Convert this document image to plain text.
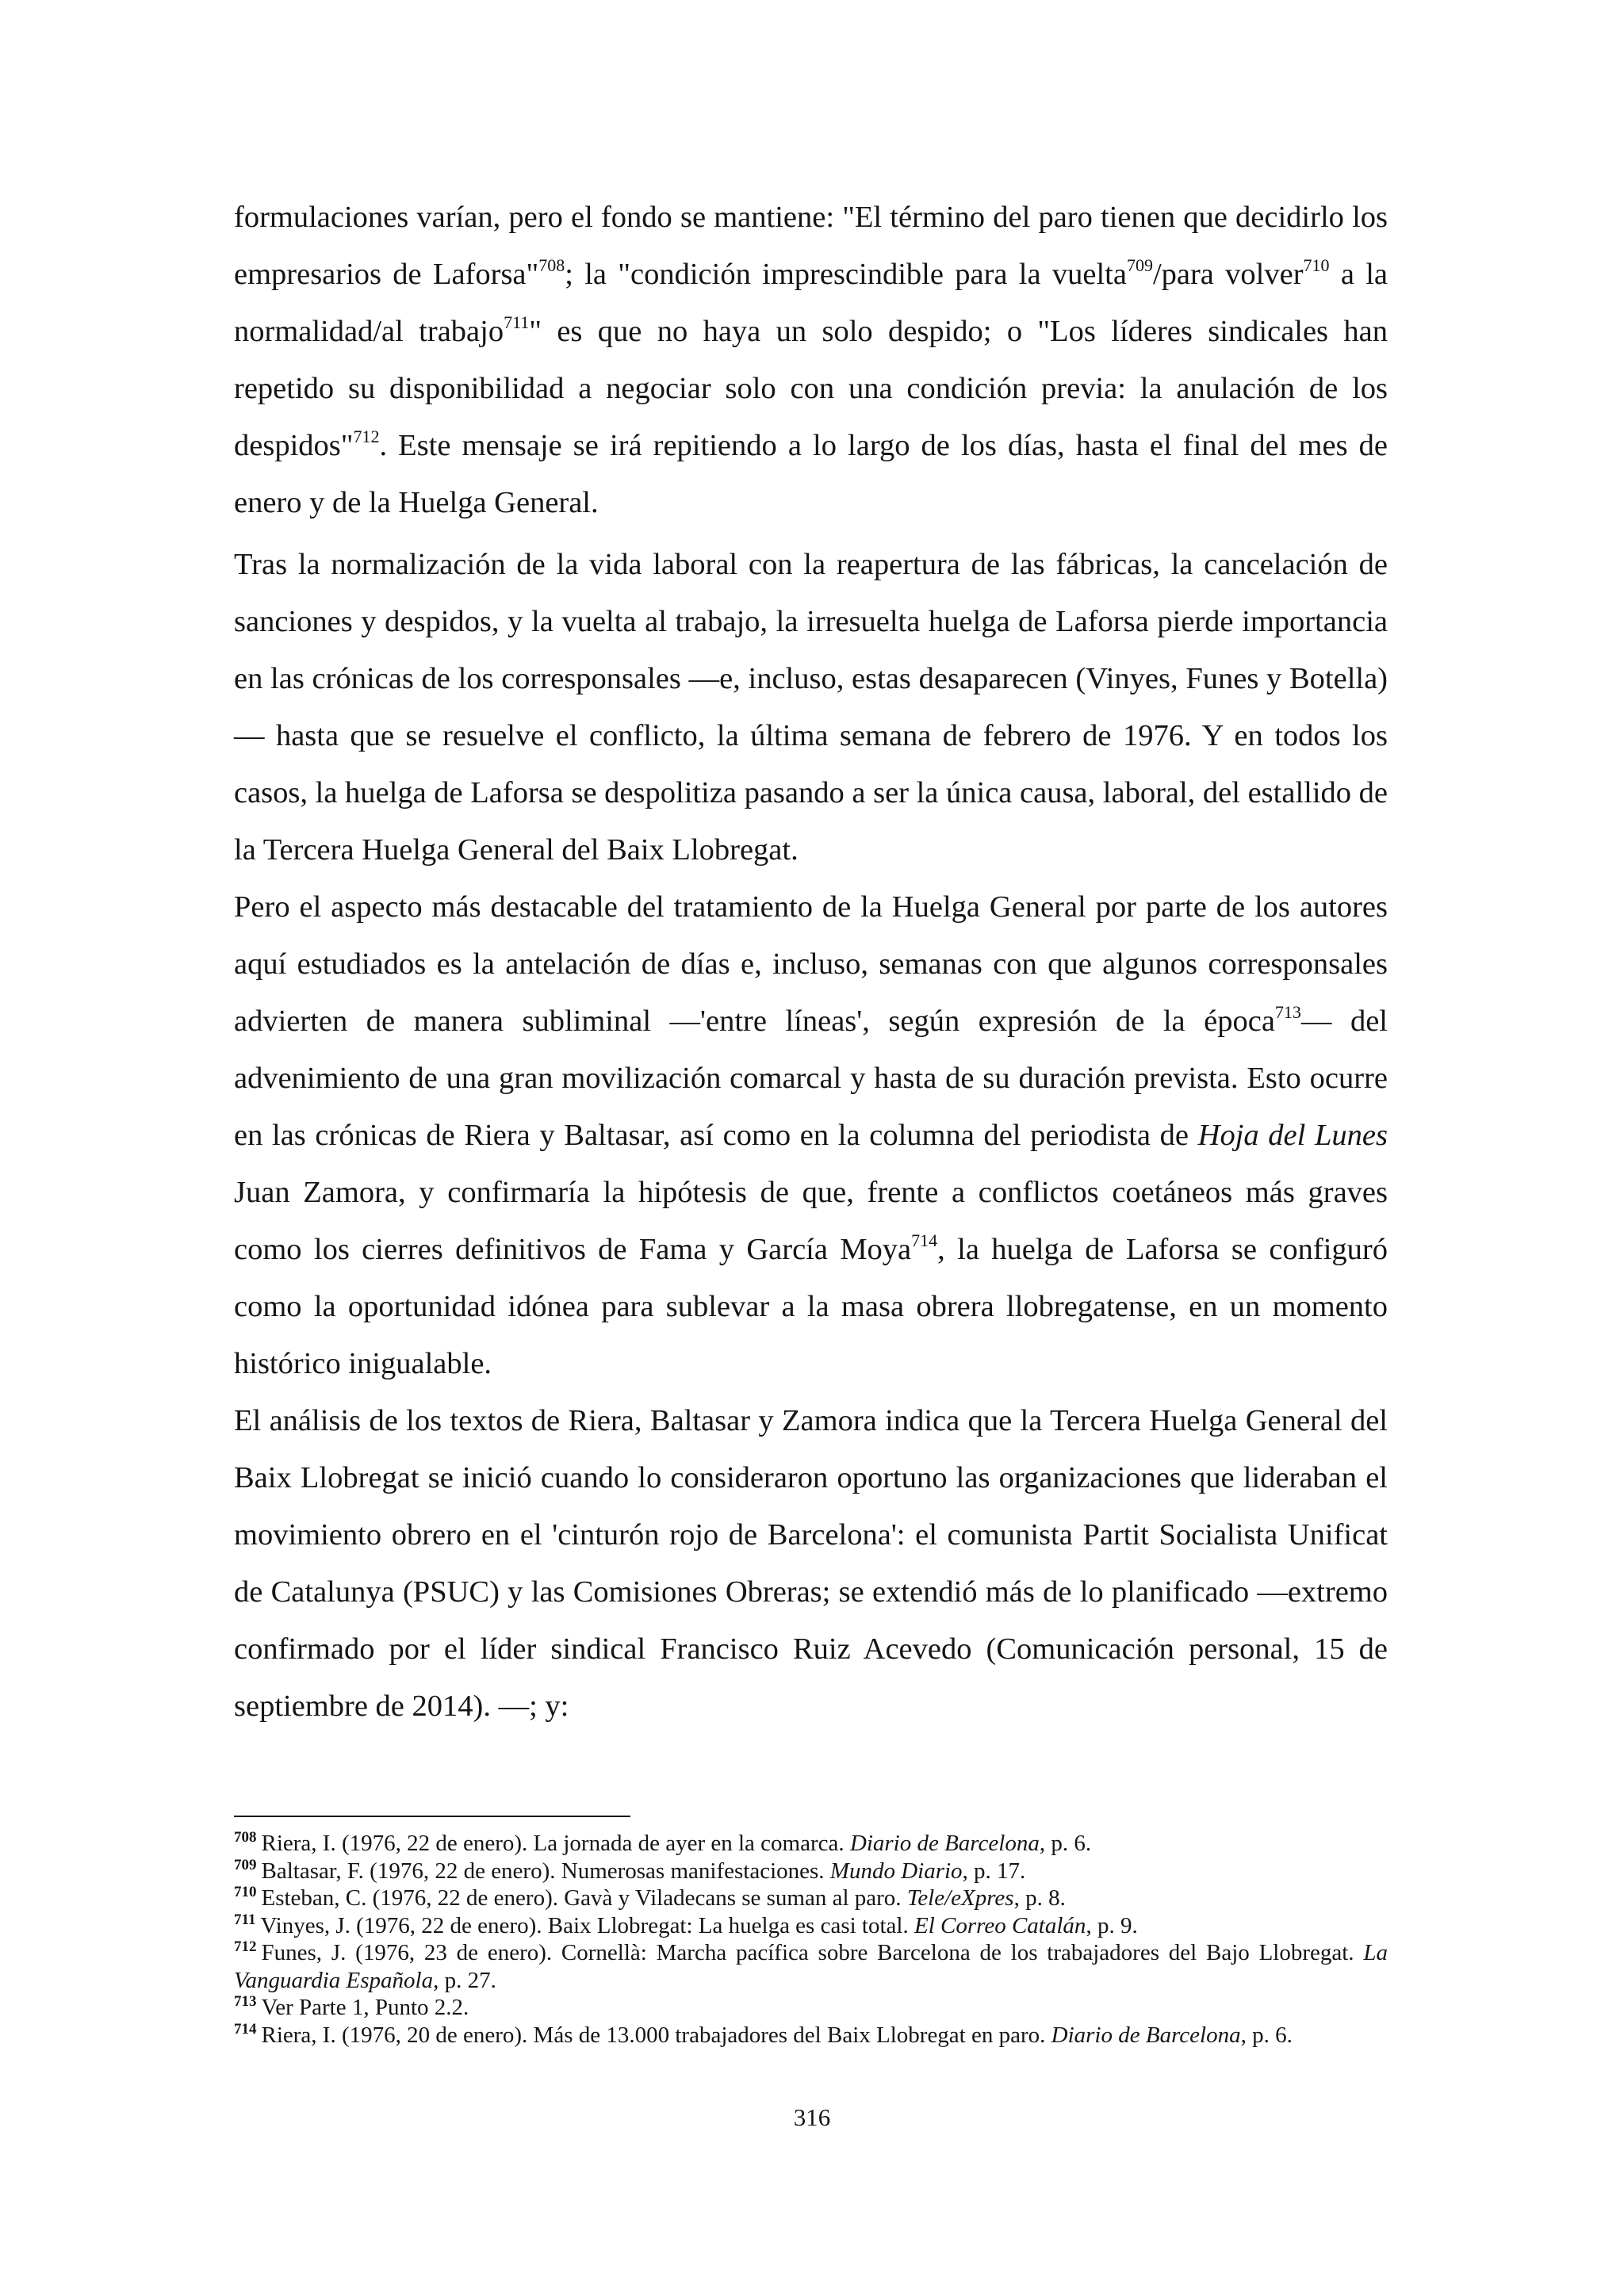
formulaciones varían, pero el fondo se mantiene: "El término del paro tienen que decidirlo los empresarios de Laforsa"$^{708}$; la "condición imprescindible para la vuelta$^{709}$/para volver$^{710}$ a la normalidad/al trabajo$^{711}$" es que no haya un solo despido; o "Los líderes sindicales han repetido su disponibilidad a negociar solo con una condición previa: la anulación de los despidos"$^{712}$. Este mensaje se irá repitiendo a lo largo de los días, hasta el final del mes de enero y de la Huelga General.

Tras la normalización de la vida laboral con la reapertura de las fábricas, la cancelación de sanciones y despidos, y la vuelta al trabajo, la irresuelta huelga de Laforsa pierde importancia en las crónicas de los corresponsales —e, incluso, estas desaparecen (Vinyes, Funes y Botella)— hasta que se resuelve el conflicto, la última semana de febrero de 1976. Y en todos los casos, la huelga de Laforsa se despolitiza pasando a ser la única causa, laboral, del estallido de la Tercera Huelga General del Baix Llobregat.

Pero el aspecto más destacable del tratamiento de la Huelga General por parte de los autores aquí estudiados es la antelación de días e, incluso, semanas con que algunos corresponsales advierten de manera subliminal —'entre líneas', según expresión de la época$^{713}$— del advenimiento de una gran movilización comarcal y hasta de su duración prevista. Esto ocurre en las crónicas de Riera y Baltasar, así como en la columna del periodista de Hoja del Lunes Juan Zamora, y confirmaría la hipótesis de que, frente a conflictos coetáneos más graves como los cierres definitivos de Fama y García Moya$^{714}$, la huelga de Laforsa se configuró como la oportunidad idónea para sublevar a la masa obrera llobregatense, en un momento histórico inigualable.

El análisis de los textos de Riera, Baltasar y Zamora indica que la Tercera Huelga General del Baix Llobregat se inició cuando lo consideraron oportuno las organizaciones que lideraban el movimiento obrero en el 'cinturón rojo de Barcelona': el comunista Partit Socialista Unificat de Catalunya (PSUC) y las Comisiones Obreras; se extendió más de lo planificado —extremo confirmado por el líder sindical Francisco Ruiz Acevedo (Comunicación personal, 15 de septiembre de 2014). —; y:

$^{708}$ Riera, I. (1976, 22 de enero). La jornada de ayer en la comarca. Diario de Barcelona, p. 6.

$^{709}$ Baltasar, F. (1976, 22 de enero). Numerosas manifestaciones. Mundo Diario, p. 17.

$^{710}$ Esteban, C. (1976, 22 de enero). Gavà y Viladecans se suman al paro. Tele/eXpres, p. 8.

$^{711}$ Vinyes, J. (1976, 22 de enero). Baix Llobregat: La huelga es casi total. El Correo Catalán, p. 9.

$^{712}$ Funes, J. (1976, 23 de enero). Cornellà: Marcha pacífica sobre Barcelona de los trabajadores del Bajo Llobregat. La Vanguardia Española, p. 27.

$^{713}$ Ver Parte 1, Punto 2.2.

$^{714}$ Riera, I. (1976, 20 de enero). Más de 13.000 trabajadores del Baix Llobregat en paro. Diario de Barcelona, p. 6.

316
